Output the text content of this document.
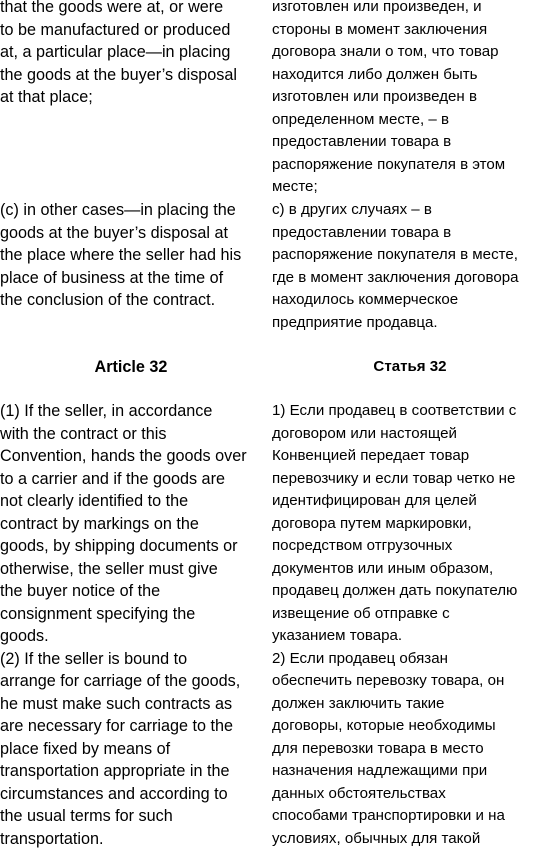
that the goods were at, or were
to be manufactured or produced
at, a particular place—in placing
the goods at the buyer’s disposal
at that place;
(c) in other cases—in placing the
goods at the buyer’s disposal at
the place where the seller had his
place of business at the time of
the conclusion of the contract.
Article 32
(1) If the seller, in accordance
with the contract or this
Convention, hands the goods over
to a carrier and if the goods are
not clearly identified to the
contract by markings on the
goods, by shipping documents or
otherwise, the seller must give
the buyer notice of the
consignment specifying the
goods.
(2) If the seller is bound to
arrange for carriage of the goods,
he must make such contracts as
are necessary for carriage to the
place fixed by means of
transportation appropriate in the
circumstances and according to
the usual terms for such
transportation.
изготовлен или произведен, и
стороны в момент заключения
договора знали о том, что товар
находится либо должен быть
изготовлен или произведен в
определенном месте, – в
предоставлении товара в
распоряжение покупателя в этом
месте;
с) в других случаях – в
предоставлении товара в
распоряжение покупателя в месте,
где в момент заключения договора
находилось коммерческое
предприятие продавца.
Статья 32
1) Если продавец в соответствии с
договором или настоящей
Конвенцией передает товар
перевозчику и если товар четко не
идентифицирован для целей
договора путем маркировки,
посредством отгрузочных
документов или иным образом,
продавец должен дать покупателю
извещение об отправке с
указанием товара.
2) Если продавец обязан
обеспечить перевозку товара, он
должен заключить такие
договоры, которые необходимы
для перевозки товара в место
назначения надлежащими при
данных обстоятельствах
способами транспортировки и на
условиях, обычных для такой
